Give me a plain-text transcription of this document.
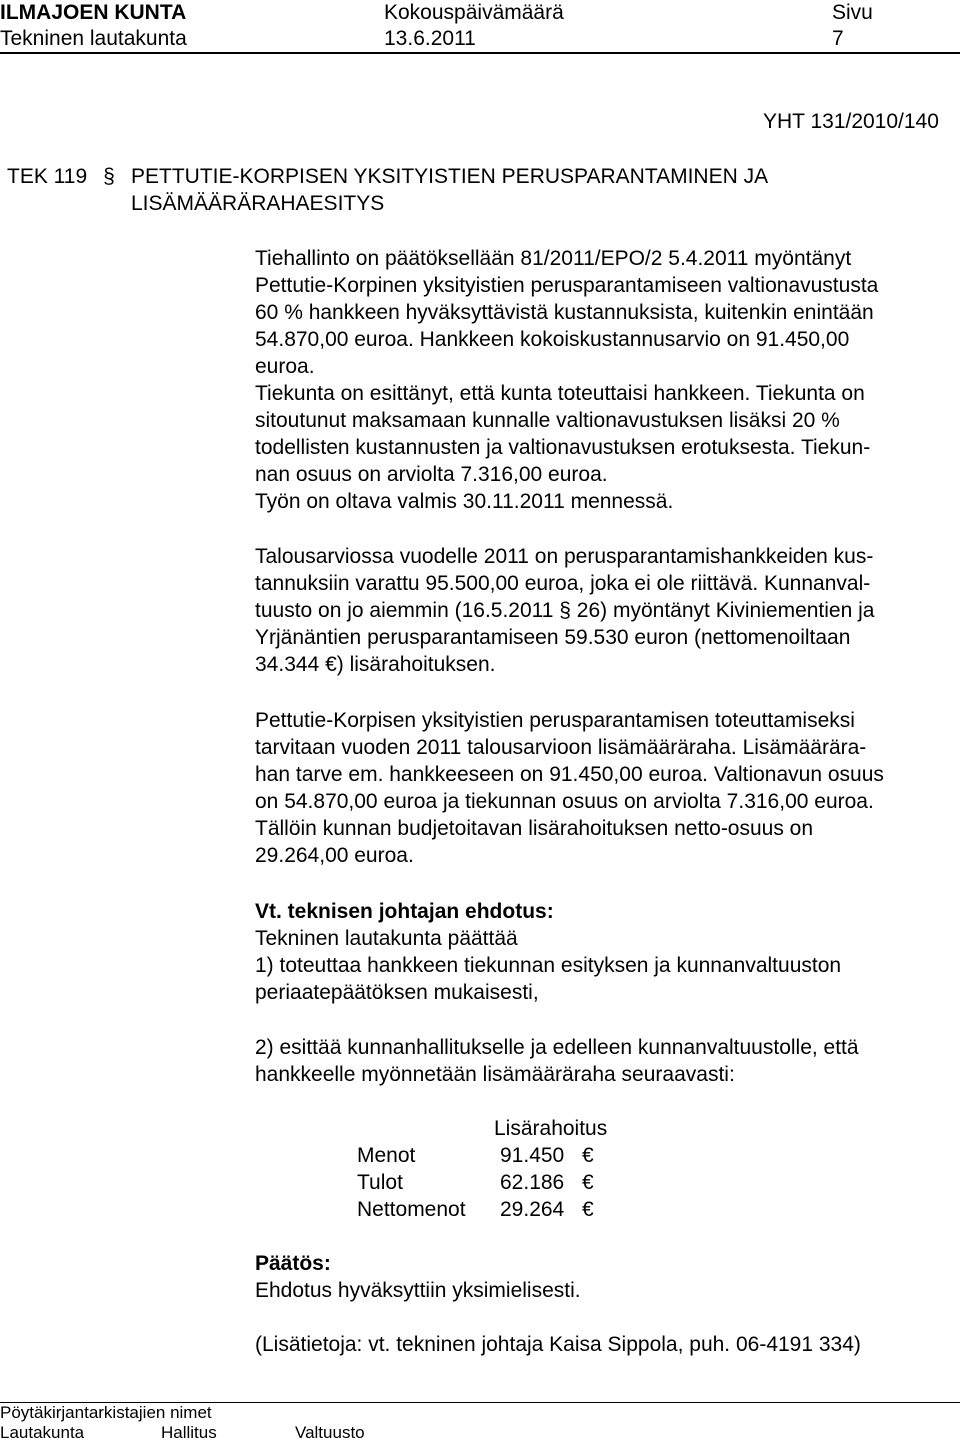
ILMAJOEN KUNTA	Kokouspäivämäärä	Sivu
Tekninen lautakunta	13.6.2011	7
YHT 131/2010/140
TEK 119 § PETTUTIE-KORPISEN YKSITYISTIEN PERUSPARANTAMINEN JA
LISÄMÄÄRÄRAHAESITYS

Tiehallinto on päätöksellään 81/2011/EPO/2 5.4.2011 myöntänyt

Pettutie-Korpinen yksityistien perusparantamiseen valtionavustusta

60 % hankkeen hyväksyttävistä kustannuksista, kuitenkin enintään

54.870,00 euroa. Hankkeen kokoiskustannusarvio on 91.450,00

euroa.

Tiekunta on esittänyt, että kunta toteuttaisi hankkeen. Tiekunta on

sitoutunut maksamaan kunnalle valtionavustuksen lisäksi 20 %

todellisten kustannusten ja valtionavustuksen erotuksesta. Tiekun-

nan osuus on arviolta 7.316,00 euroa.

Työn on oltava valmis 30.11.2011 mennessä.

Talousarviossa vuodelle 2011 on perusparantamishankkeiden kus-

tannuksiin varattu 95.500,00 euroa, joka ei ole riittävä. Kunnanval-

tuusto on jo aiemmin (16.5.2011 § 26) myöntänyt Kiviniementien ja

Yrjänäntien perusparantamiseen 59.530 euron (nettomenoiltaan

34.344 €) lisärahoituksen.

Pettutie-Korpisen yksityistien perusparantamisen toteuttamiseksi

tarvitaan vuoden 2011 talousarvioon lisämääräraha. Lisämäärära-

han tarve em. hankkeeseen on 91.450,00 euroa. Valtionavun osuus

on 54.870,00 euroa ja tiekunnan osuus on arviolta 7.316,00 euroa.

Tällöin kunnan budjetoitavan lisärahoituksen netto-osuus on

29.264,00 euroa.

Vt. teknisen johtajan ehdotus:

Tekninen lautakunta päättää

1) toteuttaa hankkeen tiekunnan esityksen ja kunnanvaltuuston

periaatepäätöksen mukaisesti,

2) esittää kunnanhallitukselle ja edelleen kunnanvaltuustolle, että

hankkeelle myönnetään lisämääräraha seuraavasti:

Lisärahoitus
Menot	91.450 €
Tulot	62.186 €
Nettomenot 29.264 €

Päätös:

Ehdotus hyväksyttiin yksimielisesti.

(Lisätietoja: vt. tekninen johtaja Kaisa Sippola, puh. 06-4191 334)

Pöytäkirjantarkistajien nimet
Lautakunta	Hallitus	Valtuusto
